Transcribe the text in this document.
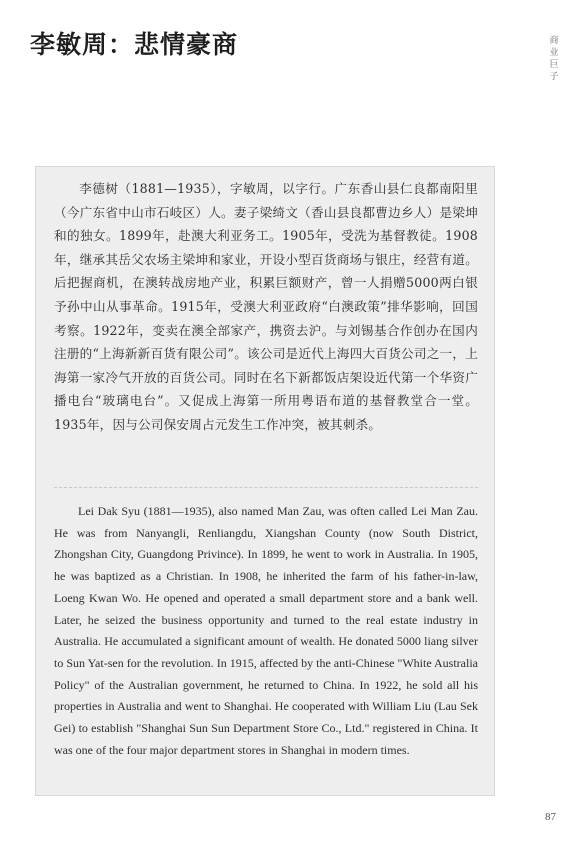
李敏周：悲情豪商	商业巨子

李德树（1881—1935），字敏周，以字行。广东香山县仁良都南阳里（今广东省中山市石岐区）人。妻子梁绮文（香山县良都曹边乡人）是梁坤和的独女。1899年，赴澳大利亚务工。1905年，受洗为基督教徒。1908年，继承其岳父农场主梁坤和家业，开设小型百货商场与银庄，经营有道。后把握商机，在澳转战房地产业，积累巨额财产，曾一人捐赠5000两白银予孙中山从事革命。1915年，受澳大利亚政府“白澳政策”排华影响，回国考察。1922年，变卖在澳全部家产，携资去沪。与刘锡基合作创办在国内注册的“上海新新百货有限公司”。该公司是近代上海四大百货公司之一，上海第一家冷气开放的百货公司。同时在名下新都饭店架设近代第一个华资广播电台“玻璃电台”。又促成上海第一所用粤语布道的基督教堂合一堂。1935年，因与公司保安周占元发生工作冲突，被其刺杀。

Lei Dak Syu (1881—1935), also named Man Zau, was often called Lei Man Zau. He was from Nanyangli, Renliangdu, Xiangshan County (now South District, Zhongshan City, Guangdong Privince). In 1899, he went to work in Australia. In 1905, he was baptized as a Christian. In 1908, he inherited the farm of his father-in-law, Loeng Kwan Wo. He opened and operated a small department store and a bank well. Later, he seized the business opportunity and turned to the real estate industry in Australia. He accumulated a significant amount of wealth. He donated 5000 liang silver to Sun Yat-sen for the revolution. In 1915, affected by the anti-Chinese "White Australia Policy" of the Australian government, he returned to China. In 1922, he sold all his properties in Australia and went to Shanghai. He cooperated with William Liu (Lau Sek Gei) to establish "Shanghai Sun Sun Department Store Co., Ltd." registered in China. It was one of the four major department stores in Shanghai in modern times.

87
